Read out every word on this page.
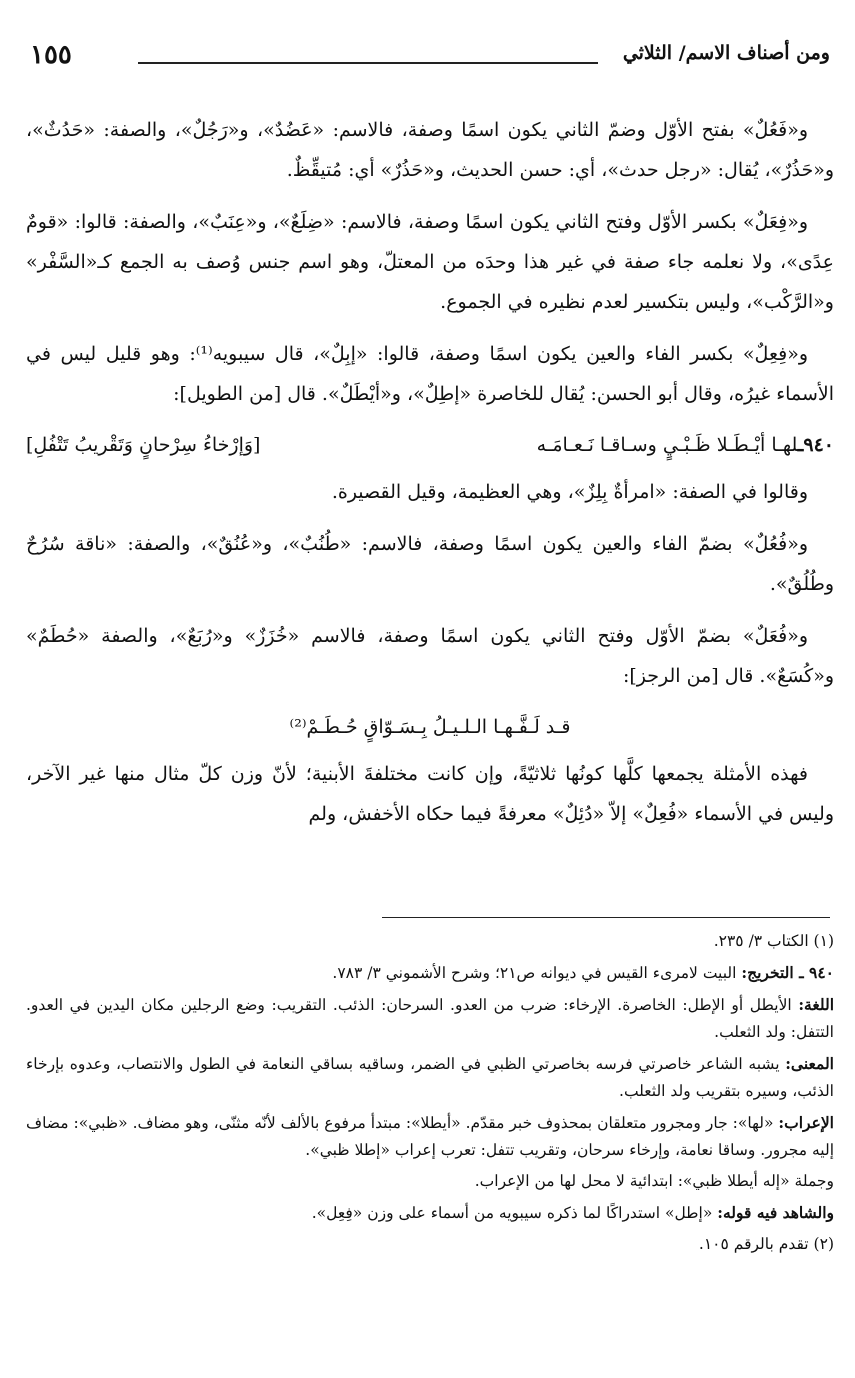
١٥٥	ومن أصناف الاسم/ الثلاثي

و«فَعُلٌ» بفتح الأوّل وضمّ الثاني يكون اسمًا وصفة، فالاسم: «عَضُدٌ»، و«رَجُلٌ»، والصفة: «حَدُثٌ»، و«حَذُرٌ»، يُقال: «رجل حدث»، أي: حسن الحديث، و«حَذُرٌ» أي: مُتيقِّظٌ.

و«فِعَلٌ» بكسر الأوّل وفتح الثاني يكون اسمًا وصفة، فالاسم: «ضِلَعٌ»، و«عِنَبٌ»، والصفة: قالوا: «قومٌ عِدًى»، ولا نعلمه جاء صفة في غير هذا وحدَه من المعتلّ، وهو اسم جنس وُصف به الجمع كـ«السَّفْر» و«الرَّكْب»، وليس بتكسير لعدم نظيره في الجموع.

و«فِعِلٌ» بكسر الفاء والعين يكون اسمًا وصفة، قالوا: «إبِلٌ»، قال سيبويه⁽¹⁾: وهو قليل ليس في الأسماء غيرُه، وقال أبو الحسن: يُقال للخاصرة «إطِلٌ»، و«أيْطَلٌ». قال [من الطويل]:

٩٤٠ـلهـا أيْـطَـلا ظَـبْـيٍ وسـاقـا نَـعـامَـه
[وَإرْخاءُ سِرْحانٍ وَتَقْريبُ تَتْفُلِ]

وقالوا في الصفة: «امرأةٌ بِلِزٌ»، وهي العظيمة، وقيل القصيرة.

و«فُعُلٌ» بضمّ الفاء والعين يكون اسمًا وصفة، فالاسم: «طُنُبٌ»، و«عُنُقٌ»، والصفة: «ناقة سُرُحٌ وطُلُقٌ».

و«فُعَلٌ» بضمّ الأوّل وفتح الثاني يكون اسمًا وصفة، فالاسم «خُزَزٌ» و«رُبَعٌ»، والصفة «حُطَمٌ» و«كُسَعٌ». قال [من الرجز]:

قـد لَـفَّـهـا الـلـيـلُ بِـسَـوّاقٍ حُـطَـمْ⁽²⁾

فهذه الأمثلة يجمعها كلَّها كونُها ثلاثيّةً، وإن كانت مختلفةَ الأبنية؛ لأنّ وزن كلّ مثال منها غير الآخر، وليس في الأسماء «فُعِلٌ» إلاّ «دُئِلٌ» معرفةً فيما حكاه الأخفش، ولم

(١) الكتاب ٣/ ٢٣٥.

٩٤٠ ـ التخريج: البيت لامرىء القيس في ديوانه ص٢١؛ وشرح الأشموني ٣/ ٧٨٣.

اللغة: الأيطل أو الإطل: الخاصرة. الإرخاء: ضرب من العدو. السرحان: الذئب. التقريب: وضع الرجلين مكان اليدين في العدو. التتفل: ولد الثعلب.

المعنى: يشبه الشاعر خاصرتي فرسه بخاصرتي الظبي في الضمر، وساقيه بساقي النعامة في الطول والانتصاب، وعدوه بإرخاء الذئب، وسيره بتقريب ولد الثعلب.

الإعراب: «لها»: جار ومجرور متعلقان بمحذوف خبر مقدّم. «أيطلا»: مبتدأ مرفوع بالألف لأنّه مثنّى، وهو مضاف. «ظبي»: مضاف إليه مجرور. وساقا نعامة، وإرخاء سرحان، وتقريب تتفل: تعرب إعراب «إطلا ظبي».

وجملة «إله أيطلا ظبي»: ابتدائية لا محل لها من الإعراب.

والشاهد فيه قوله: «إطل» استدراكًا لما ذكره سيبويه من أسماء على وزن «فِعِل».

(٢) تقدم بالرقم ١٠٥.
